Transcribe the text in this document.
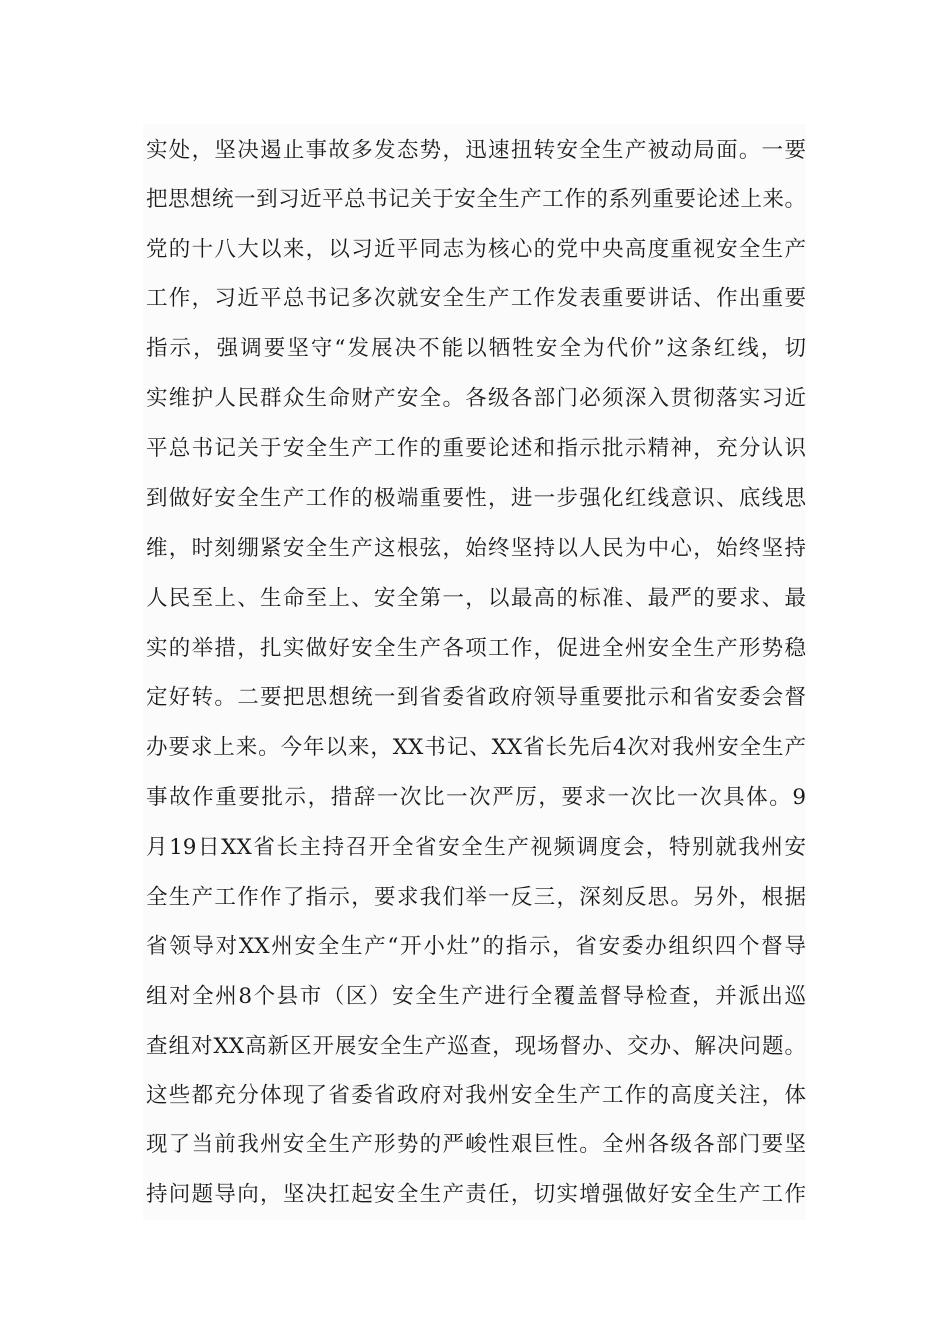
实处，坚决遏止事故多发态势，迅速扭转安全生产被动局面。一要
把思想统一到习近平总书记关于安全生产工作的系列重要论述上来。
党的十八大以来，以习近平同志为核心的党中央高度重视安全生产
工作，习近平总书记多次就安全生产工作发表重要讲话、作出重要
指示，强调要坚守“发展决不能以牺牲安全为代价”这条红线，切
实维护人民群众生命财产安全。各级各部门必须深入贯彻落实习近
平总书记关于安全生产工作的重要论述和指示批示精神，充分认识
到做好安全生产工作的极端重要性，进一步强化红线意识、底线思
维，时刻绷紧安全生产这根弦，始终坚持以人民为中心，始终坚持
人民至上、生命至上、安全第一，以最高的标准、最严的要求、最
实的举措，扎实做好安全生产各项工作，促进全州安全生产形势稳
定好转。二要把思想统一到省委省政府领导重要批示和省安委会督
办要求上来。今年以来，XX书记、XX省长先后4次对我州安全生产
事故作重要批示，措辞一次比一次严厉，要求一次比一次具体。9
月19日XX省长主持召开全省安全生产视频调度会，特别就我州安
全生产工作作了指示，要求我们举一反三，深刻反思。另外，根据
省领导对XX州安全生产“开小灶”的指示，省安委办组织四个督导
组对全州8个县市（区）安全生产进行全覆盖督导检查，并派出巡
查组对XX高新区开展安全生产巡查，现场督办、交办、解决问题。
这些都充分体现了省委省政府对我州安全生产工作的高度关注，体
现了当前我州安全生产形势的严峻性艰巨性。全州各级各部门要坚
持问题导向，坚决扛起安全生产责任，切实增强做好安全生产工作
